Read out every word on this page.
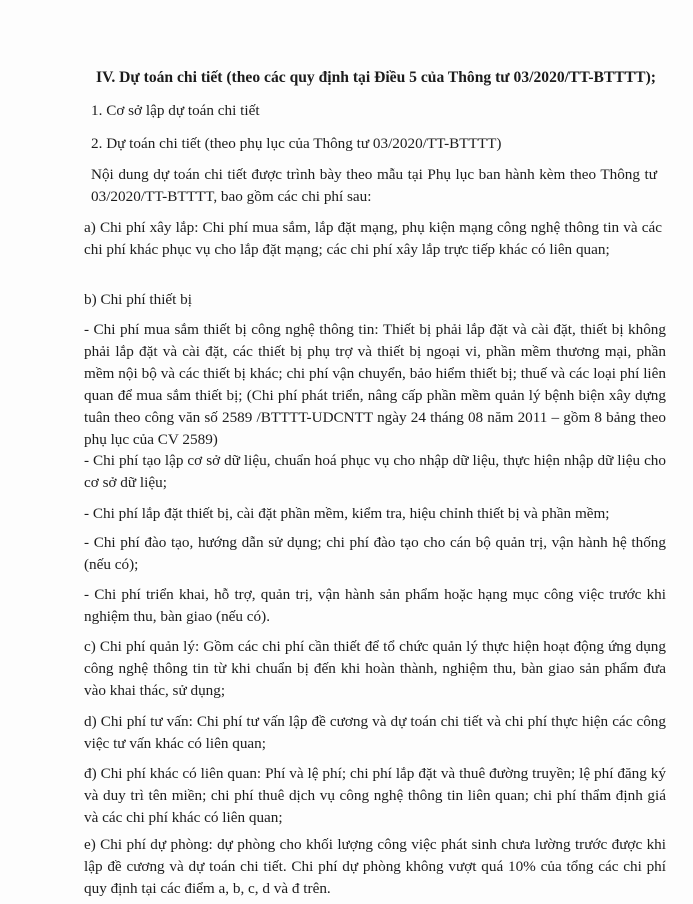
IV. Dự toán chi tiết (theo các quy định tại Điều 5 của Thông tư 03/2020/TT-BTTTT);

1. Cơ sở lập dự toán chi tiết

2. Dự toán chi tiết (theo phụ lục của Thông tư 03/2020/TT-BTTTT)

Nội dung dự toán chi tiết được trình bày theo mẫu tại Phụ lục ban hành kèm theo Thông tư 03/2020/TT-BTTTT, bao gồm các chi phí sau:

a) Chi phí xây lắp: Chi phí mua sắm, lắp đặt mạng, phụ kiện mạng công nghệ thông tin và các chi phí khác phục vụ cho lắp đặt mạng; các chi phí xây lắp trực tiếp khác có liên quan;

b) Chi phí thiết bị

- Chi phí mua sắm thiết bị công nghệ thông tin: Thiết bị phải lắp đặt và cài đặt, thiết bị không phải lắp đặt và cài đặt, các thiết bị phụ trợ và thiết bị ngoại vi, phần mềm thương mại, phần mềm nội bộ và các thiết bị khác; chi phí vận chuyển, bảo hiểm thiết bị; thuế và các loại phí liên quan để mua sắm thiết bị; (Chi phí phát triển, nâng cấp phần mềm quản lý bệnh biện xây dựng tuân theo công văn số 2589 /BTTTT-UDCNTT ngày 24 tháng 08 năm 2011 – gồm 8 bảng theo phụ lục của CV 2589)

- Chi phí tạo lập cơ sở dữ liệu, chuẩn hoá phục vụ cho nhập dữ liệu, thực hiện nhập dữ liệu cho cơ sở dữ liệu;

- Chi phí lắp đặt thiết bị, cài đặt phần mềm, kiểm tra, hiệu chỉnh thiết bị và phần mềm;

- Chi phí đào tạo, hướng dẫn sử dụng; chi phí đào tạo cho cán bộ quản trị, vận hành hệ thống (nếu có);

- Chi phí triển khai, hỗ trợ, quản trị, vận hành sản phẩm hoặc hạng mục công việc trước khi nghiệm thu, bàn giao (nếu có).

c) Chi phí quản lý: Gồm các chi phí cần thiết để tổ chức quản lý thực hiện hoạt động ứng dụng công nghệ thông tin từ khi chuẩn bị đến khi hoàn thành, nghiệm thu, bàn giao sản phẩm đưa vào khai thác, sử dụng;

d) Chi phí tư vấn: Chi phí tư vấn lập đề cương và dự toán chi tiết và chi phí thực hiện các công việc tư vấn khác có liên quan;

đ) Chi phí khác có liên quan: Phí và lệ phí; chi phí lắp đặt và thuê đường truyền; lệ phí đăng ký và duy trì tên miền; chi phí thuê dịch vụ công nghệ thông tin liên quan; chi phí thẩm định giá và các chi phí khác có liên quan;

e) Chi phí dự phòng: dự phòng cho khối lượng công việc phát sinh chưa lường trước được khi lập đề cương và dự toán chi tiết. Chi phí dự phòng không vượt quá 10% của tổng các chi phí quy định tại các điểm a, b, c, d và đ trên.
